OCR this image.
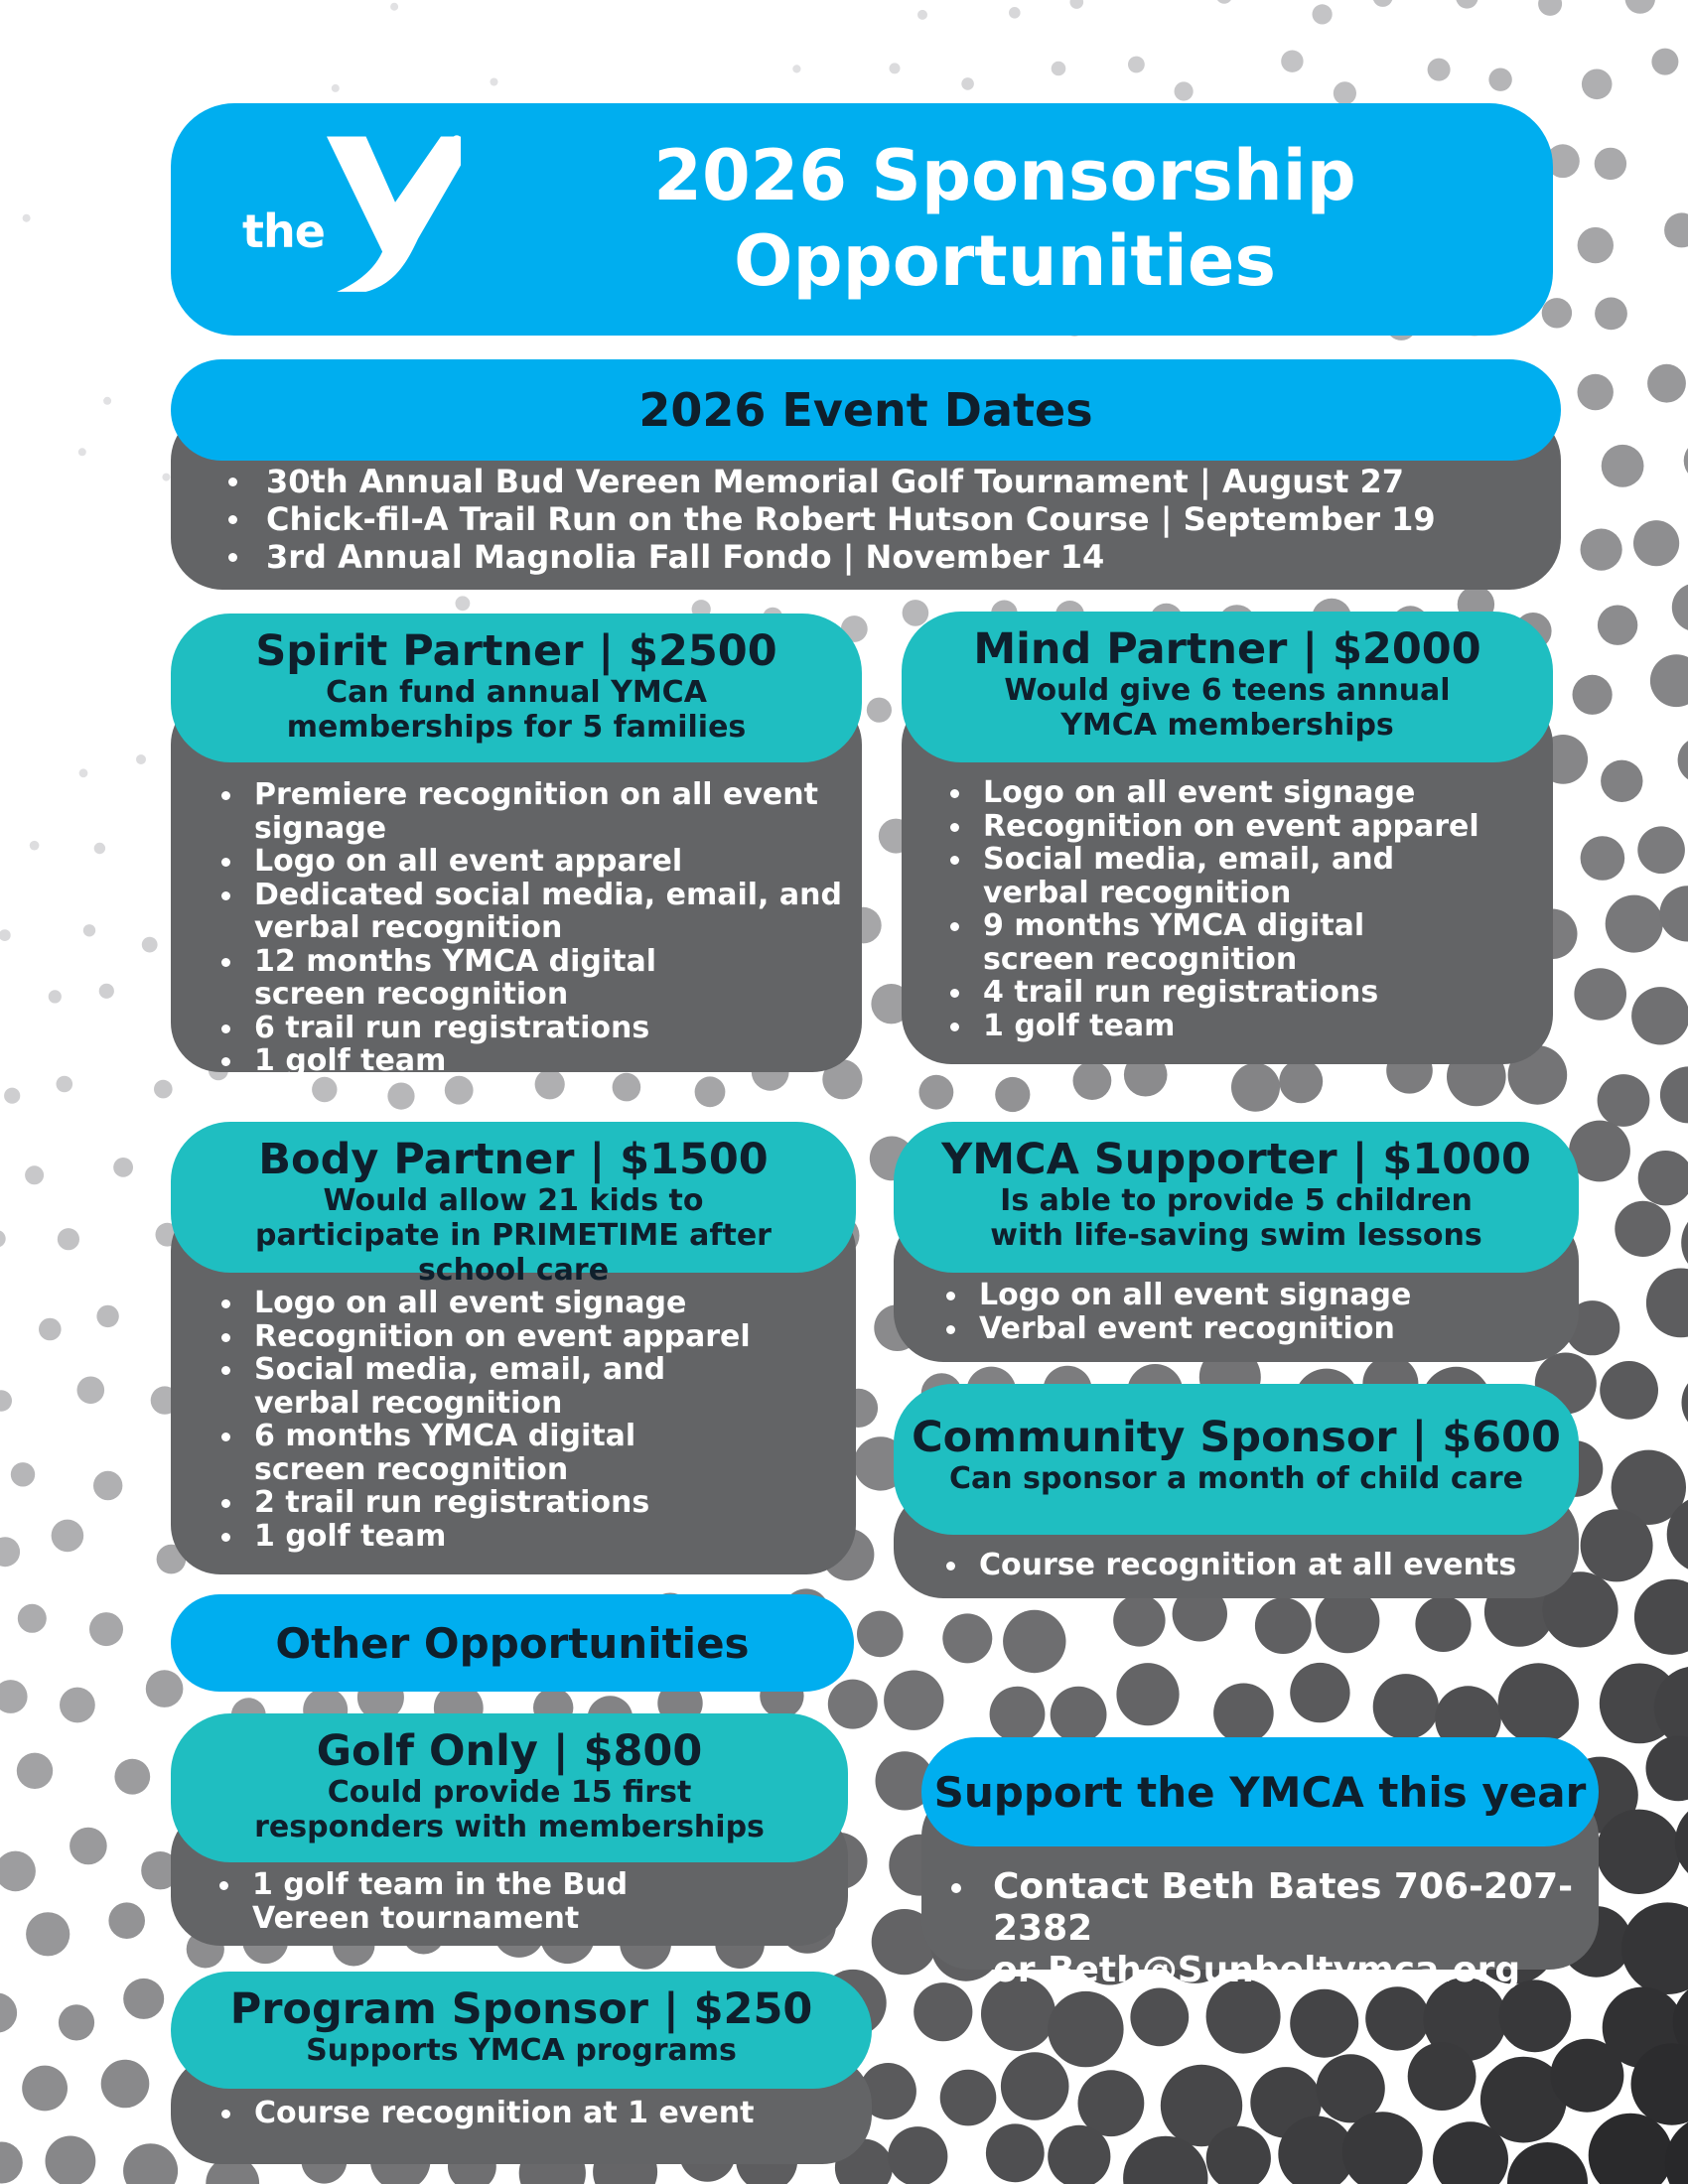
YMCA
the
2026 Sponsorship
Opportunities
2026 Event Dates
30th Annual Bud Vereen Memorial Golf Tournament | August 27
Chick-fil-A Trail Run on the Robert Hutson Course | September 19
3rd Annual Magnolia Fall Fondo | November 14
Spirit Partner | $2500
Can fund annual YMCA memberships for 5 families
Premiere recognition on all event signage
Logo on all event apparel
Dedicated social media, email, and verbal recognition
12 months YMCA digital screen recognition
6 trail run registrations
1 golf team
Mind Partner | $2000
Would give 6 teens annual YMCA memberships
Logo on all event signage
Recognition on event apparel
Social media, email, and verbal recognition
9 months YMCA digital screen recognition
4 trail run registrations
1 golf team
Body Partner | $1500
Would allow 21 kids to participate in PRIMETIME after school care
Logo on all event signage
Recognition on event apparel
Social media, email, and verbal recognition
6 months YMCA digital screen recognition
2 trail run registrations
1 golf team
YMCA Supporter | $1000
Is able to provide 5 children with life-saving swim lessons
Logo on all event signage
Verbal event recognition
Community Sponsor | $600
Can sponsor a month of child care
Course recognition at all events
Other Opportunities
Golf Only | $800
Could provide 15 first responders with memberships
1 golf team in the Bud Vereen tournament
Program Sponsor | $250
Supports YMCA programs
Course recognition at 1 event
Support the YMCA this year
Contact Beth Bates 706-207-2382
or Beth@Sunbeltymca.org
